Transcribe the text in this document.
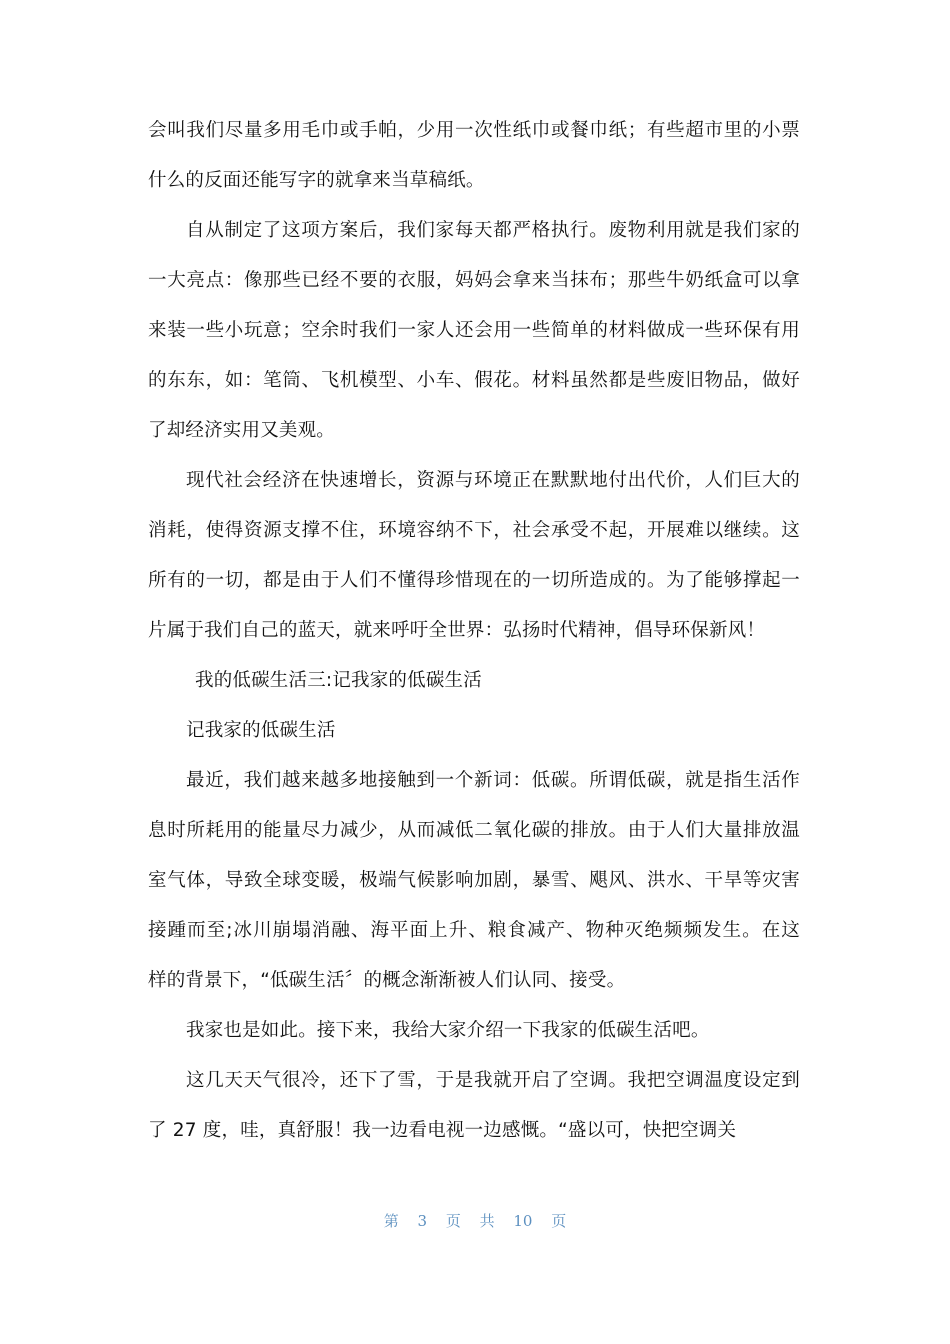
会叫我们尽量多用毛巾或手帕，少用一次性纸巾或餐巾纸；有些超市里的小票
什么的反面还能写字的就拿来当草稿纸。
自从制定了这项方案后，我们家每天都严格执行。废物利用就是我们家的
一大亮点：像那些已经不要的衣服，妈妈会拿来当抹布；那些牛奶纸盒可以拿
来装一些小玩意；空余时我们一家人还会用一些简单的材料做成一些环保有用
的东东，如：笔筒、飞机模型、小车、假花。材料虽然都是些废旧物品，做好
了却经济实用又美观。
现代社会经济在快速增长，资源与环境正在默默地付出代价，人们巨大的
消耗，使得资源支撑不住，环境容纳不下，社会承受不起，开展难以继续。这
所有的一切，都是由于人们不懂得珍惜现在的一切所造成的。为了能够撑起一
片属于我们自己的蓝天，就来呼吁全世界：弘扬时代精神，倡导环保新风！
我的低碳生活三:记我家的低碳生活
记我家的低碳生活
最近，我们越来越多地接触到一个新词：低碳。所谓低碳，就是指生活作
息时所耗用的能量尽力减少，从而减低二氧化碳的排放。由于人们大量排放温
室气体，导致全球变暖，极端气候影响加剧，暴雪、飓风、洪水、干旱等灾害
接踵而至;冰川崩塌消融、海平面上升、粮食减产、物种灭绝频频发生。在这
样的背景下，“低碳生活〞的概念渐渐被人们认同、接受。
我家也是如此。接下来，我给大家介绍一下我家的低碳生活吧。
这几天天气很冷，还下了雪，于是我就开启了空调。我把空调温度设定到
了 27 度，哇，真舒服！我一边看电视一边感慨。“盛以可，快把空调关
第 3 页 共 10 页
